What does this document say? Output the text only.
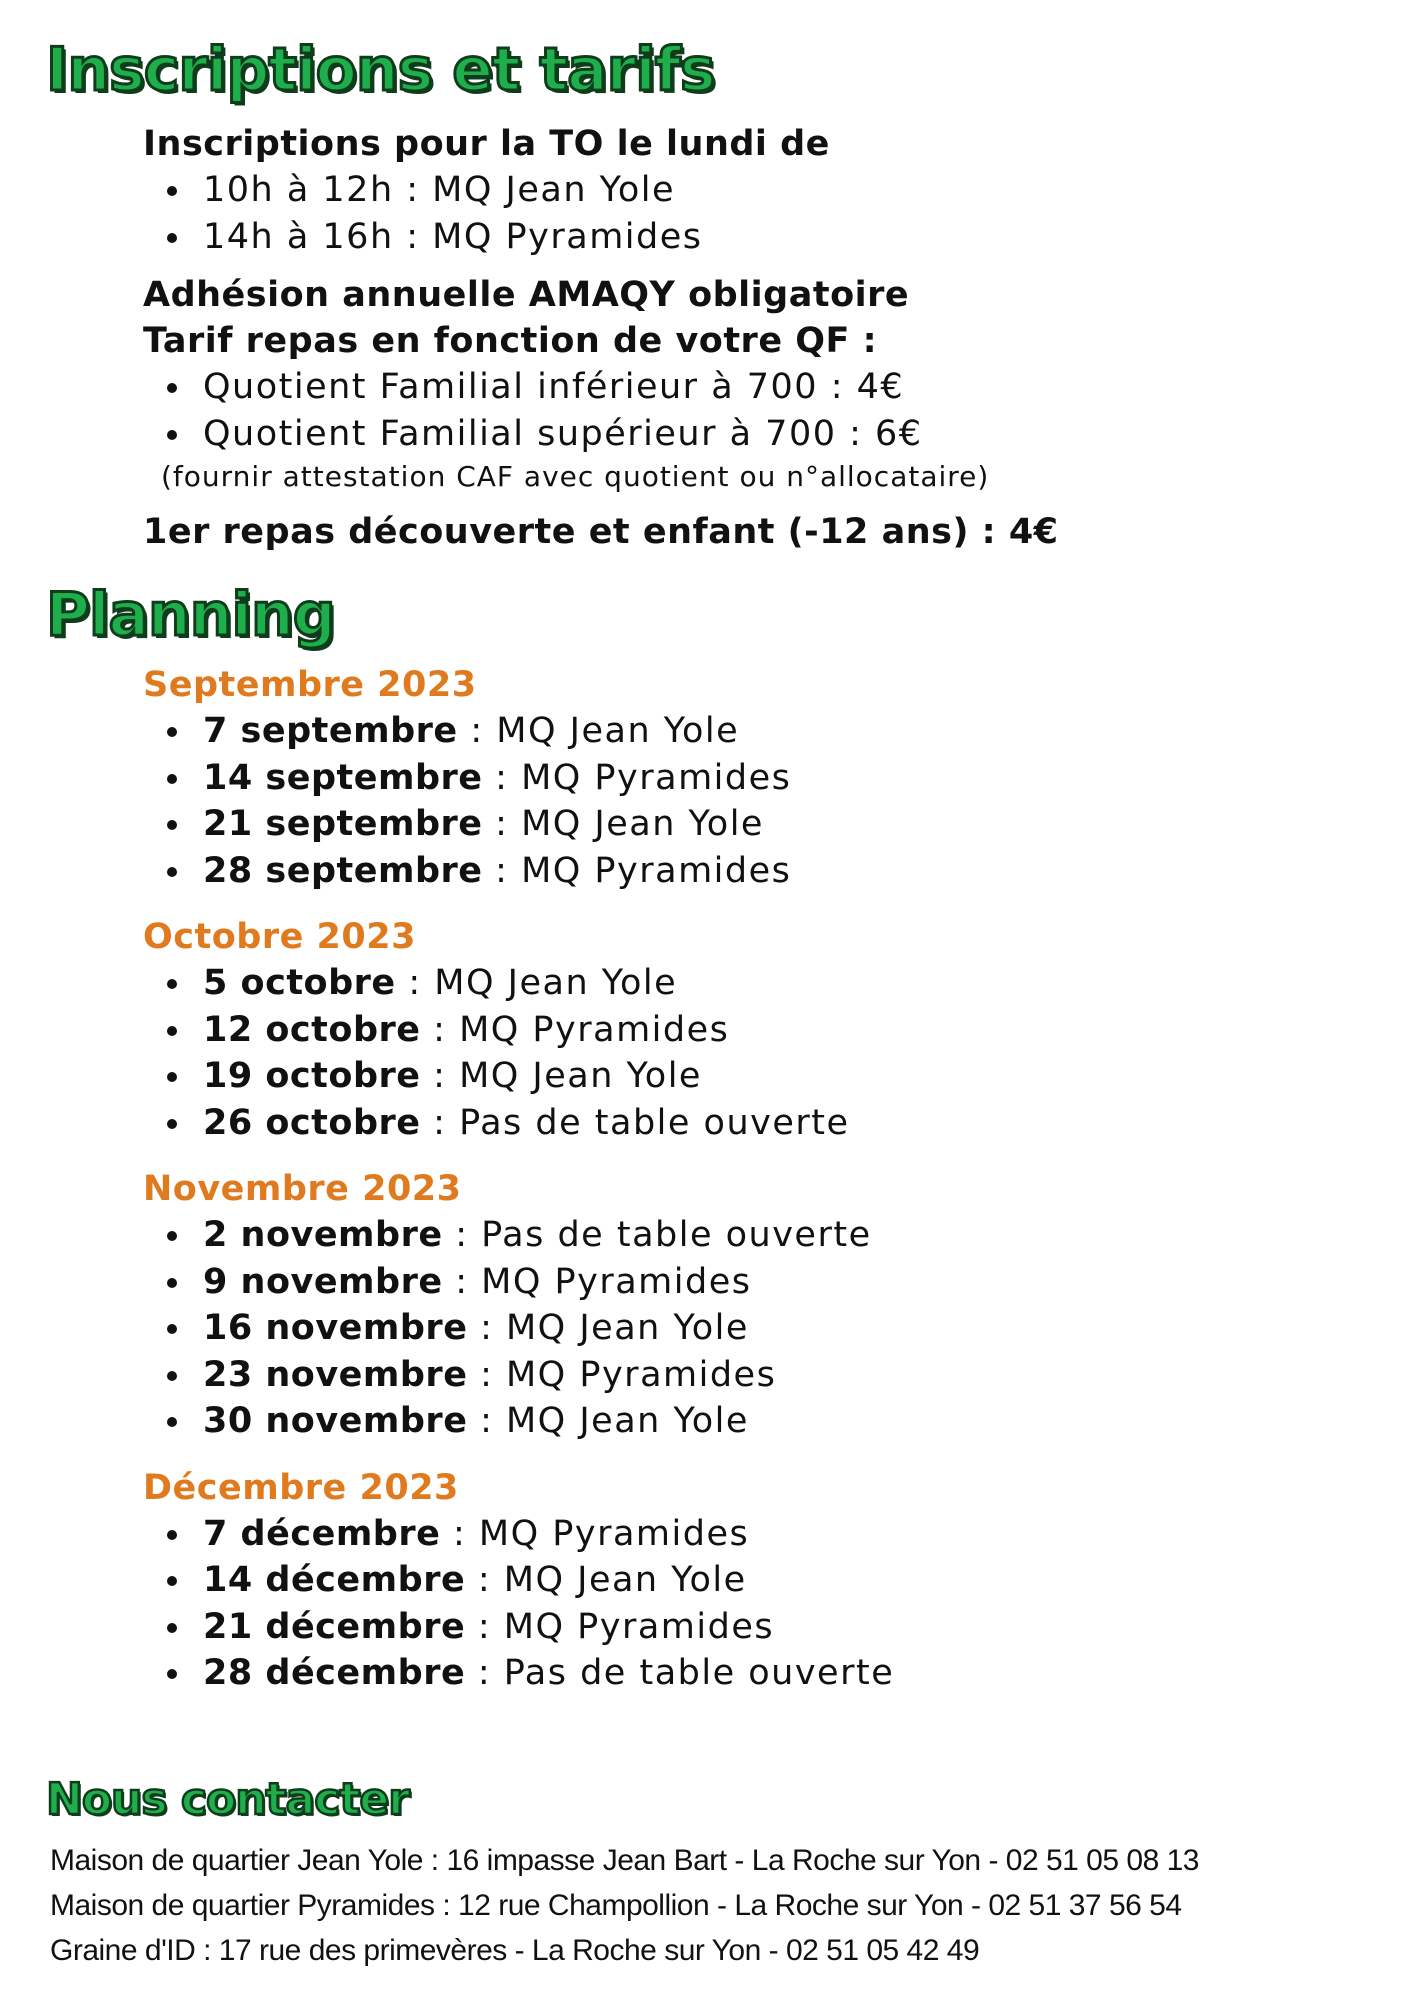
Inscriptions et tarifs
Inscriptions pour la TO le lundi de
10h à 12h : MQ Jean Yole
14h à 16h : MQ Pyramides
Adhésion annuelle AMAQY obligatoire
Tarif repas en fonction de votre QF :
Quotient Familial inférieur à 700 : 4€
Quotient Familial supérieur à 700 : 6€
(fournir attestation CAF avec quotient ou n°allocataire)
1er repas découverte et enfant (-12 ans) : 4€
Planning
Septembre 2023
7 septembre : MQ Jean Yole
14 septembre : MQ Pyramides
21 septembre : MQ Jean Yole
28 septembre : MQ Pyramides
Octobre 2023
5 octobre : MQ Jean Yole
12 octobre : MQ Pyramides
19 octobre : MQ Jean Yole
26 octobre : Pas de table ouverte
Novembre 2023
2 novembre : Pas de table ouverte
9 novembre : MQ Pyramides
16 novembre : MQ Jean Yole
23 novembre : MQ Pyramides
30 novembre : MQ Jean Yole
Décembre 2023
7 décembre : MQ Pyramides
14 décembre : MQ Jean Yole
21 décembre : MQ Pyramides
28 décembre : Pas de table ouverte
Nous contacter
Maison de quartier Jean Yole : 16 impasse Jean Bart - La Roche sur Yon - 02 51 05 08 13
Maison de quartier Pyramides : 12 rue Champollion - La Roche sur Yon - 02 51 37 56 54
Graine d'ID : 17 rue des primevères - La Roche sur Yon - 02 51 05 42 49
